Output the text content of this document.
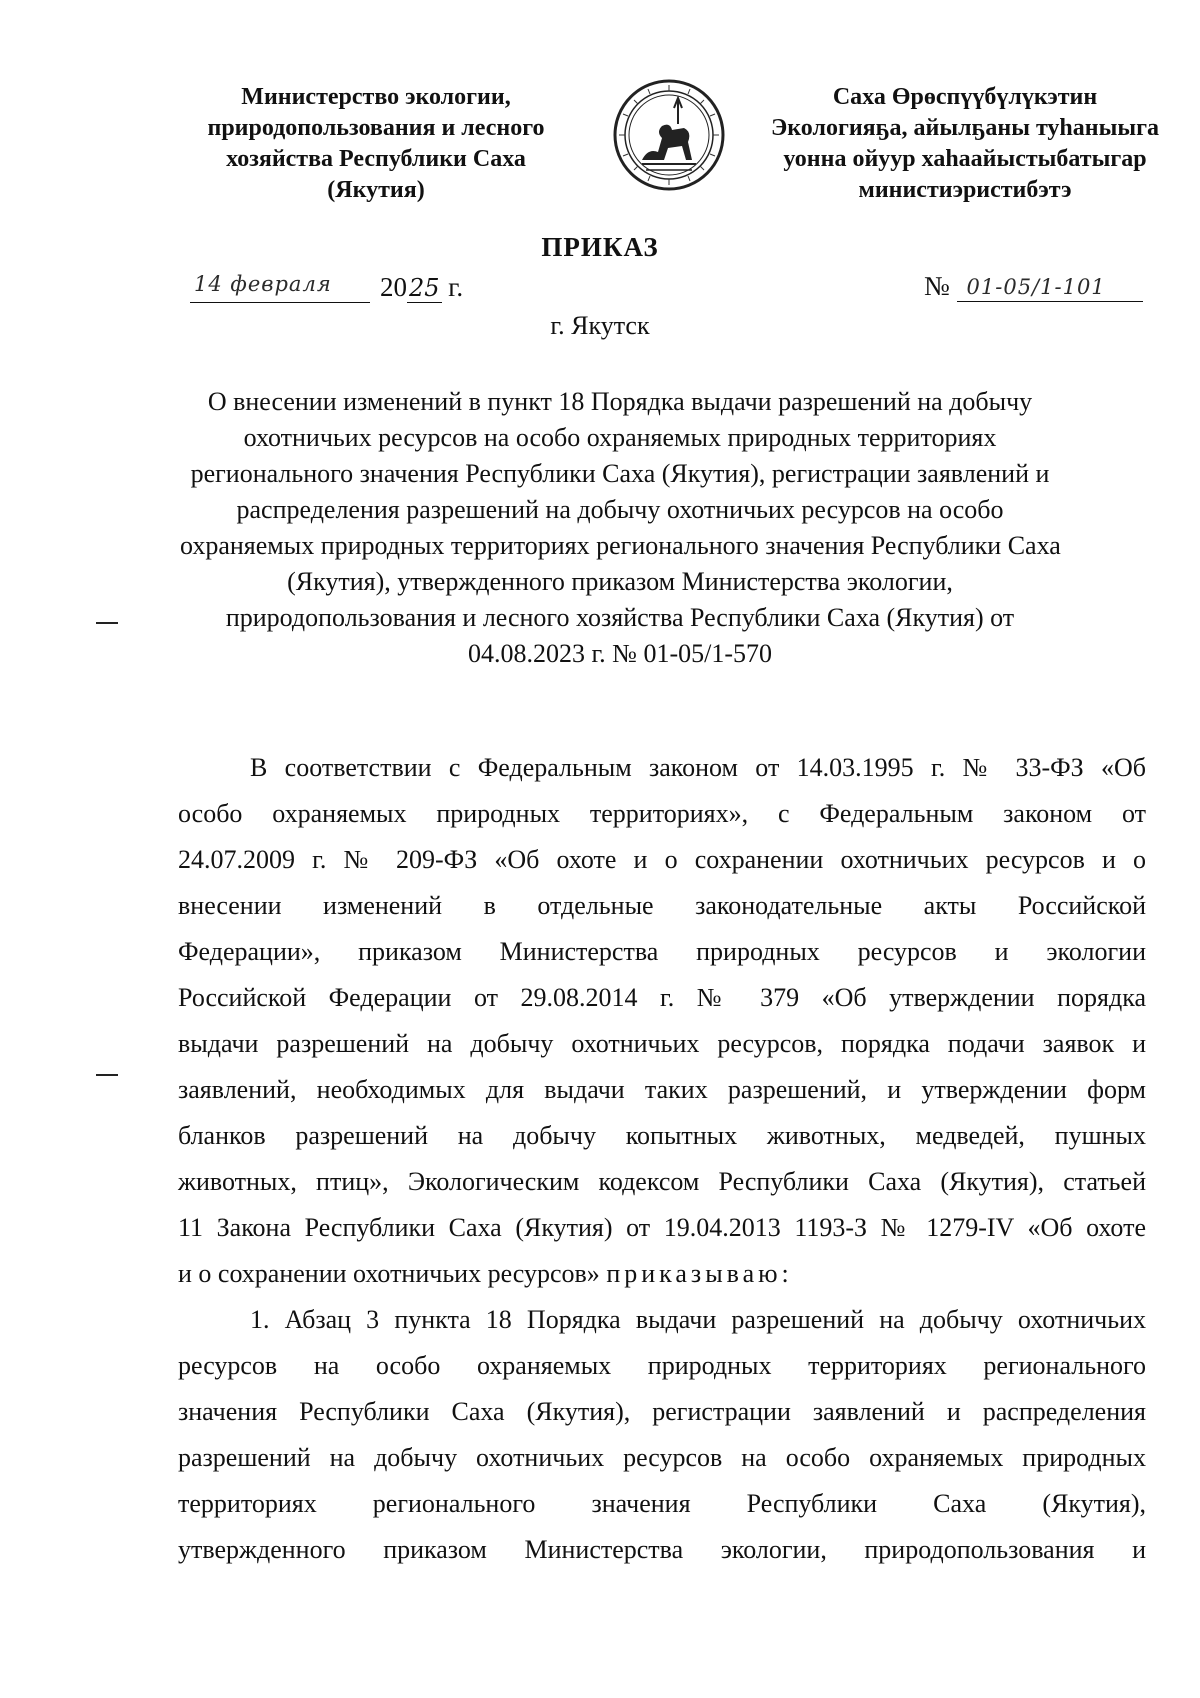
Министерство экологии,
природопользования и лесного
хозяйства Республики Саха
(Якутия)
Саха Өрөспүүбүлүкэтин
Экологияҕа, айылҕаны туһаныыга
уонна ойуур хаһаайыстыбатыгар
министиэристибэтэ
ПРИКАЗ
14 февраля 2025 г.	№ 01-05/1-101
г. Якутск
О внесении изменений в пункт 18 Порядка выдачи разрешений на добычу
охотничьих ресурсов на особо охраняемых природных территориях
регионального значения Республики Саха (Якутия), регистрации заявлений и
распределения разрешений на добычу охотничьих ресурсов на особо
охраняемых природных территориях регионального значения Республики Саха
(Якутия), утвержденного приказом Министерства экологии,
природопользования и лесного хозяйства Республики Саха (Якутия) от
04.08.2023 г. № 01-05/1-570
В соответствии с Федеральным законом от 14.03.1995 г. № 33-ФЗ «Об
особо охраняемых природных территориях», с Федеральным законом от
24.07.2009 г. № 209-ФЗ «Об охоте и о сохранении охотничьих ресурсов и о
внесении изменений в отдельные законодательные акты Российской
Федерации», приказом Министерства природных ресурсов и экологии
Российской Федерации от 29.08.2014 г. № 379 «Об утверждении порядка
выдачи разрешений на добычу охотничьих ресурсов, порядка подачи заявок и
заявлений, необходимых для выдачи таких разрешений, и утверждении форм
бланков разрешений на добычу копытных животных, медведей, пушных
животных, птиц», Экологическим кодексом Республики Саха (Якутия), статьей
11 Закона Республики Саха (Якутия) от 19.04.2013 1193-З № 1279-IV «Об охоте
и о сохранении охотничьих ресурсов» приказываю:
1. Абзац 3 пункта 18 Порядка выдачи разрешений на добычу охотничьих
ресурсов на особо охраняемых природных территориях регионального
значения Республики Саха (Якутия), регистрации заявлений и распределения
разрешений на добычу охотничьих ресурсов на особо охраняемых природных
территориях регионального значения Республики Саха (Якутия),
утвержденного приказом Министерства экологии, природопользования и
